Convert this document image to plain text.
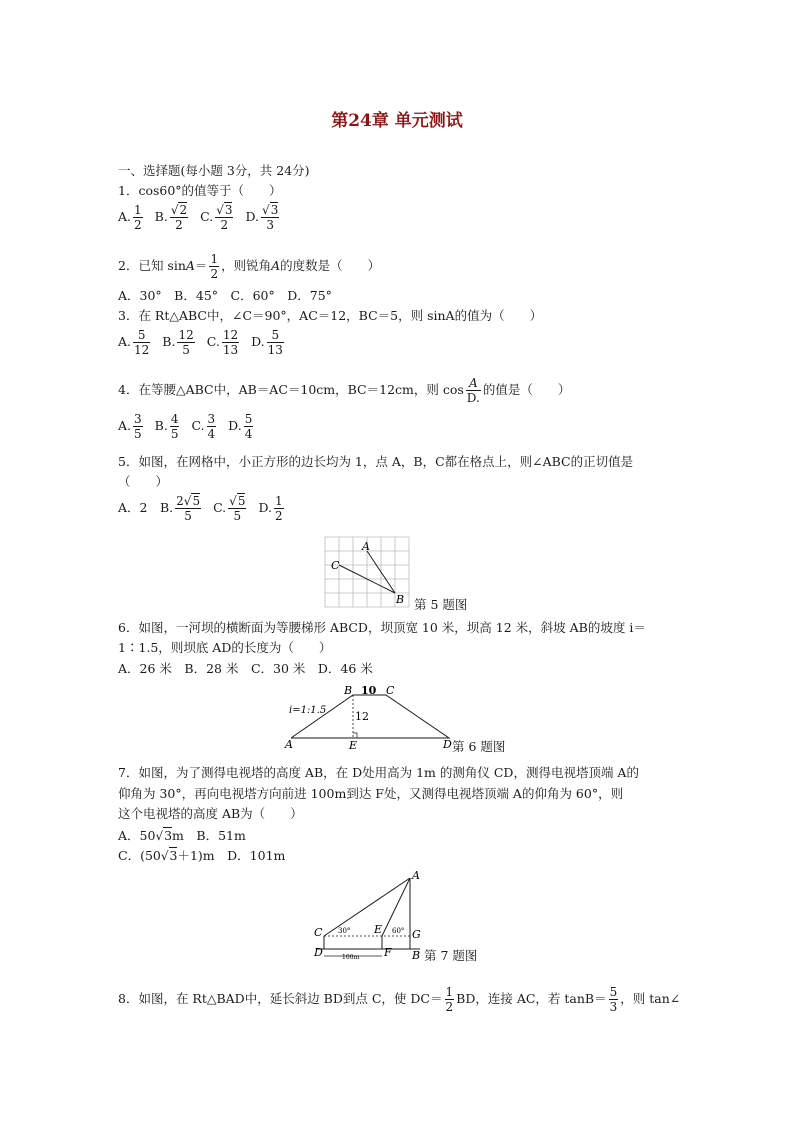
第24章 单元测试
一、选择题(每小题 3分，共 24分)
1．cos60°的值等于（　　）
A. $\frac{1}{2} B$. $\frac{√2}{2} C$. $\frac{√3}{2} D$. $\frac{√3}{3}$
2．已知 $\sin A= \frac{1}{2}$ ，则锐角A的度数是（　　）
A．30°　B．45°　C．60°　D．75°
3．在 Rt△ABC中，∠C＝90°，AC＝12，BC＝5，则 sinA的值为（　　）
A. $\frac{5}{12} B$. $\frac{12}{5} C$. $\frac{12}{13} D$. $\frac{5}{13}$
4．在等腰△ABC中，AB＝AC＝10cm，BC＝12cm，则 $\cos \frac{A}{D.}$ 的值是（　　）
A. $\frac{3}{5} B$. $\frac{4}{5} C$. $\frac{3}{4} D$. $\frac{5}{4}$
5．如图，在网格中，小正方形的边长均为 1，点 A，B，C都在格点上，则∠ABC的正切值是
（　　）
A．2　B. $\frac{2√5}{5} C$. $\frac{√5}{5} D$. $\frac{1}{2}$
A
C
B 第 5 题图
6．如图，一河坝的横断面为等腰梯形 ABCD，坝顶宽 10 米，坝高 12 米，斜坡 AB的坡度 i＝
1∶1.5，则坝底 AD的长度为（　　）
A．26 米　B．28 米　C．30 米　D．46 米
A
B	C
D
E
10
12
i=1:1.5
第 6 题图
7．如图，为了测得电视塔的高度 AB，在 D处用高为 1m 的测角仪 CD，测得电视塔顶端 A的
仰角为 30°，再向电视塔方向前进 100m到达 F处，又测得电视塔顶端 A的仰角为 60°，则
这个电视塔的高度 AB为（　　）
A．50√3m　B．51m
C．(50√3＋1)m　D．101m
C
D
E
F
G
A
B
30°	60°
100m	第 7 题图
8．如图，在 Rt△BAD中，延长斜边 BD到点 C，使 $DC= \frac{1}{2}$ BD，连接 AC，若 $\tan B= \frac{5}{3}$ ，则 tan∠
